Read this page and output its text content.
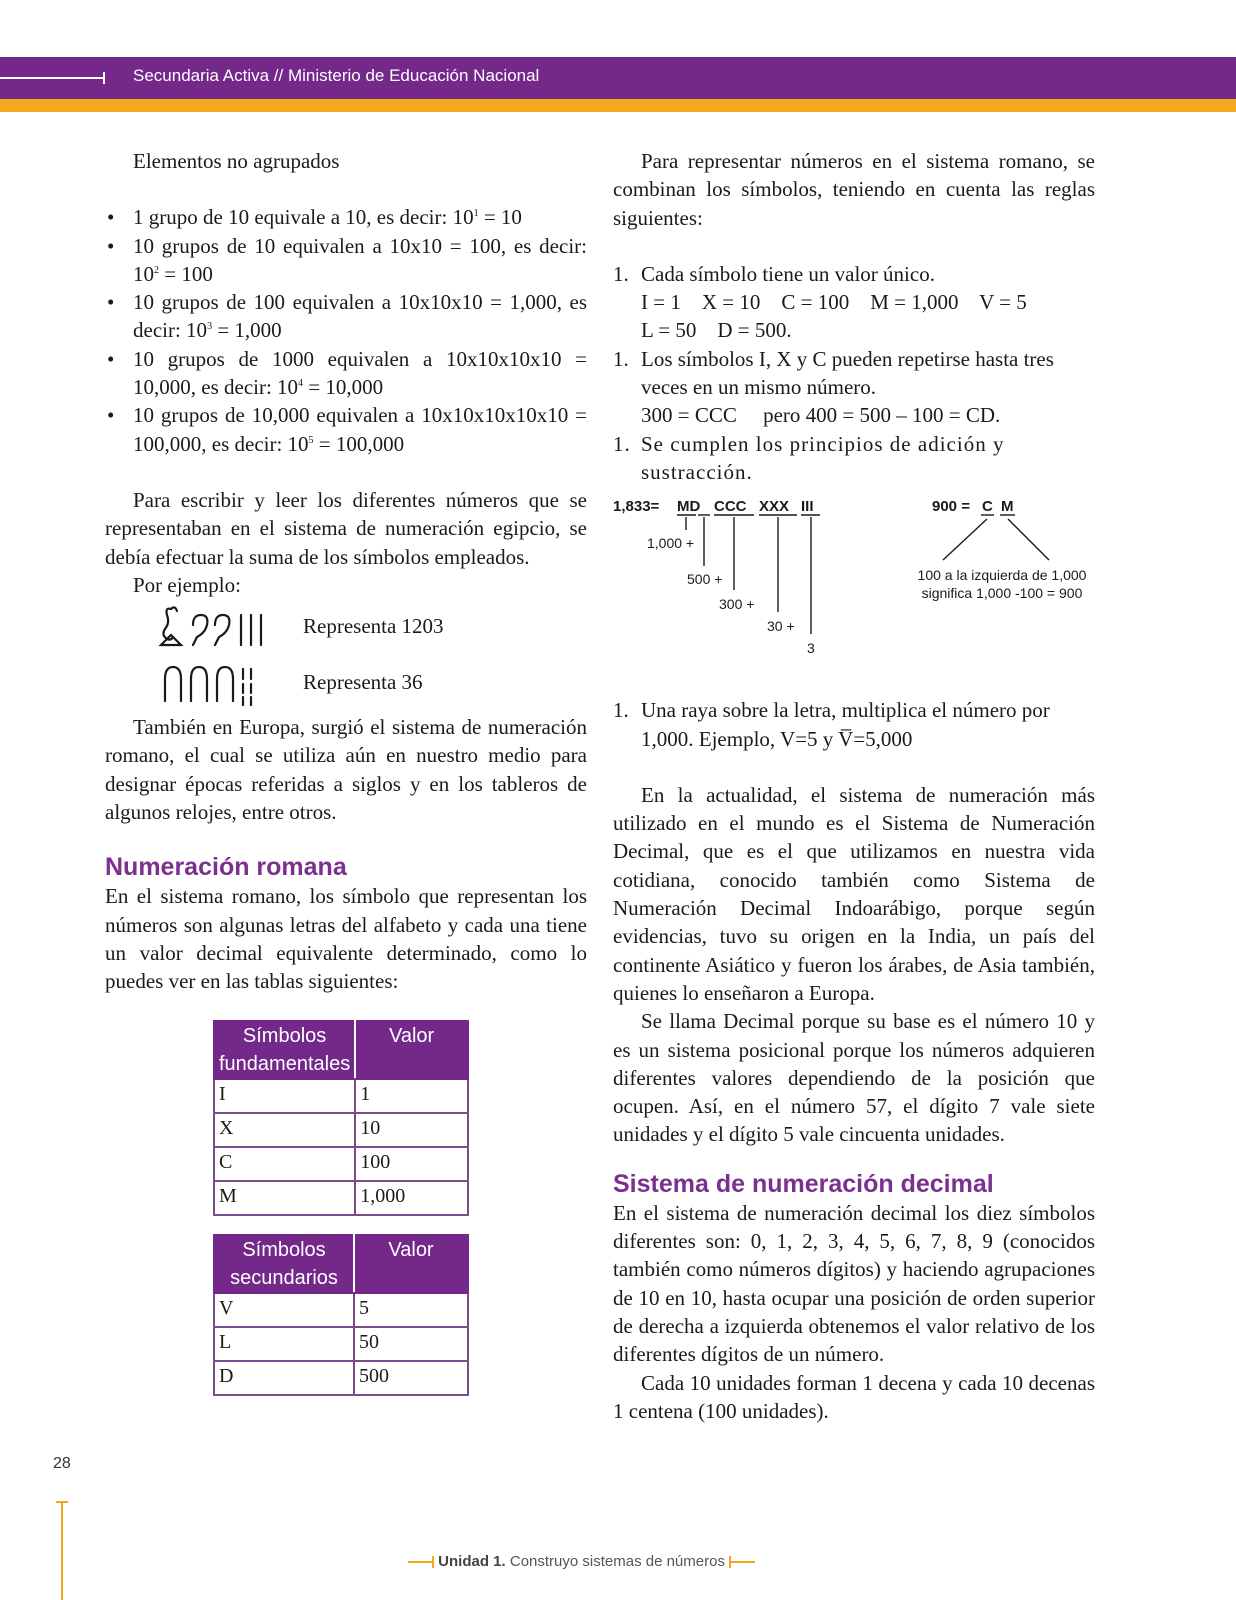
Secundaria Activa // Ministerio de Educación Nacional

Elementos no agrupados

• 1 grupo de 10 equivale a 10, es decir: $10^1 = 10$
• 10 grupos de 10 equivalen a 10x10 = 100, es decir: $10^2 = 100$
• 10 grupos de 100 equivalen a 10x10x10 = 1,000, es decir: $10^3 = 1,000$
• 10 grupos de 1000 equivalen a 10x10x10x10 = 10,000, es decir: $10^4 = 10,000$
• 10 grupos de 10,000 equivalen a 10x10x10x10x10 = 100,000, es decir: $10^5 = 100,000$

Para escribir y leer los diferentes números que se representaban en el sistema de numeración egipcio, se debía efectuar la suma de los símbolos empleados.

Por ejemplo:

Representa 1203
Representa 36

También en Europa, surgió el sistema de numeración romano, el cual se utiliza aún en nuestro medio para designar épocas referidas a siglos y en los tableros de algunos relojes, entre otros.

Numeración romana

En el sistema romano, los símbolo que representan los números son algunas letras del alfabeto y cada una tiene un valor decimal equivalente determinado, como lo puedes ver en las tablas siguientes:

Símbolos fundamentales	Valor
I	1
X	10
C	100
M	1,000
Símbolos secundarios	Valor
V	5
L	50
D	500

Para representar números en el sistema romano, se combinan los símbolos, teniendo en cuenta las reglas siguientes:

1. Cada símbolo tiene un valor único.
I = 1    X = 10    C = 100    M = 1,000    V = 5
L = 50    D = 500.
1. Los símbolos I, X y C pueden repetirse hasta tres veces en un mismo número.
300 = CCC     pero 400 = 500 – 100 = CD.
1. Se cumplen los principios de adición y sustracción.
1,833= MD CCC XXX III
1,000 +
500 +
300 +
30 +
3
900 = C M
100 a la izquierda de 1,000
significa 1,000 -100 = 900
1. Una raya sobre la letra, multiplica el número por 1,000. Ejemplo, V=5 y V̅=5,000

En la actualidad, el sistema de numeración más utilizado en el mundo es el Sistema de Numeración Decimal, que es el que utilizamos en nuestra vida cotidiana, conocido también como Sistema de Numeración Decimal Indoarábigo, porque según evidencias, tuvo su origen en la India, un país del continente Asiático y fueron los árabes, de Asia también, quienes lo enseñaron a Europa.

Se llama Decimal porque su base es el número 10 y es un sistema posicional porque los números adquieren diferentes valores dependiendo de la posición que ocupen. Así, en el número 57, el dígito 7 vale siete unidades y el dígito 5 vale cincuenta unidades.

Sistema de numeración decimal

En el sistema de numeración decimal los diez símbolos diferentes son: 0, 1, 2, 3, 4, 5, 6, 7, 8, 9 (conocidos también como números dígitos) y haciendo agrupaciones de 10 en 10, hasta ocupar una posición de orden superior de derecha a izquierda obtenemos el valor relativo de los diferentes dígitos de un número.

Cada 10 unidades forman 1 decena y cada 10 decenas 1 centena (100 unidades).

28
Unidad 1. Construyo sistemas de números
